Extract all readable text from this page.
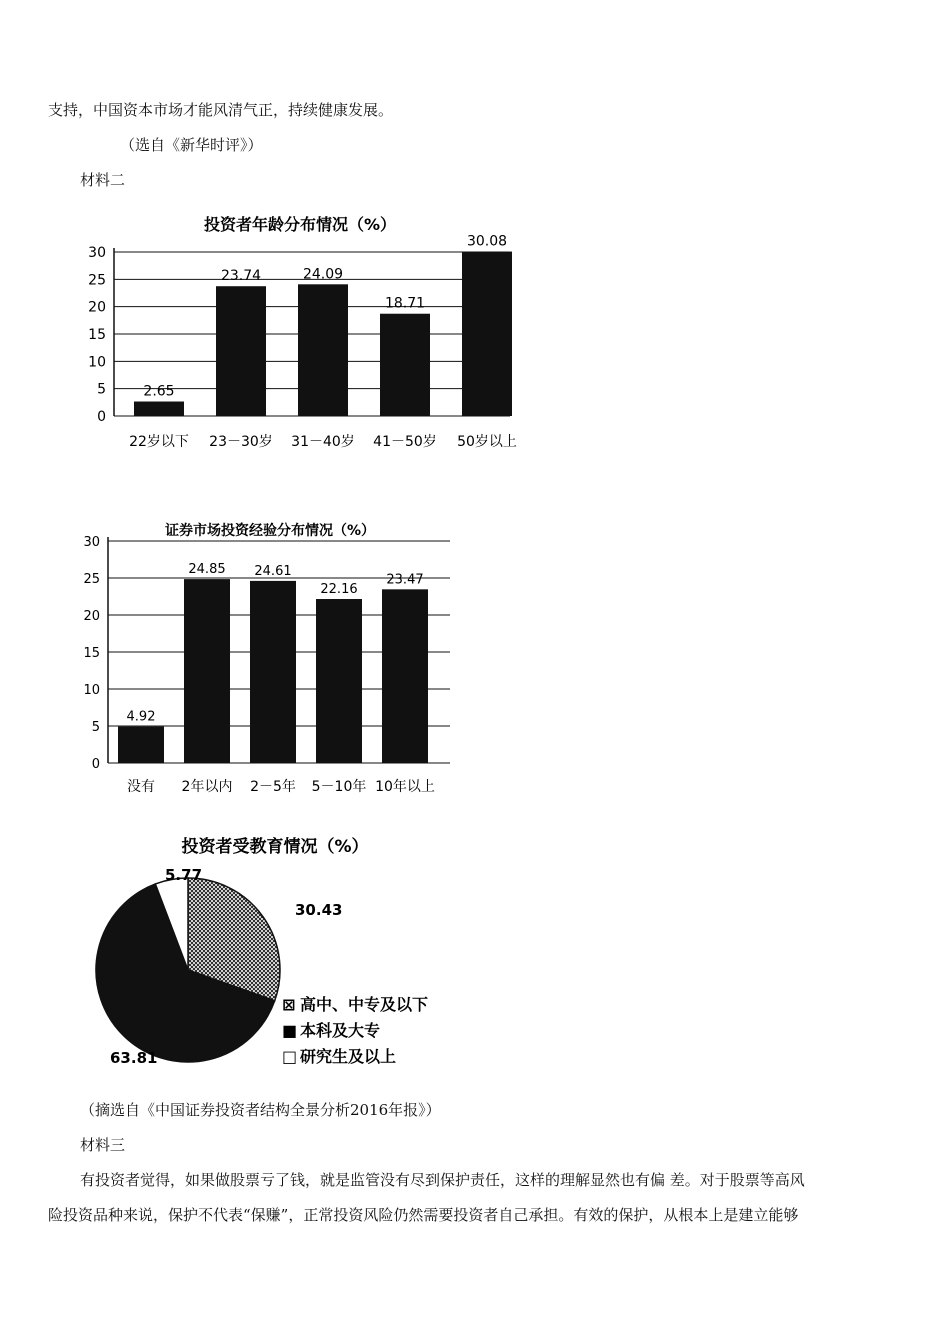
支持，中国资本市场才能风清气正，持续健康发展。
（选自《新华时评》）
材料二
投资者年龄分布情况（%）
0
5
10
15
20
25
30
2.65
22岁以下
23.74
23－30岁
24.09
31－40岁
18.71
41－50岁
30.08
50岁以上
证券市场投资经验分布情况（%）
0
5
10
15
20
25
30
4.92
没有
24.85
2年以内
24.61
2－5年
22.16
5－10年
23.47
10年以上
投资者受教育情况（%）
30.43
63.81
5.77
⊠ 高中、中专及以下
■ 本科及大专
□ 研究生及以上
（摘选自《中国证券投资者结构全景分析2016年报》）
材料三
有投资者觉得，如果做股票亏了钱，就是监管没有尽到保护责任，这样的理解显然也有偏 差。对于股票等高风
险投资品种来说，保护不代表“保赚”，正常投资风险仍然需要投资者自己承担。有效的保护，从根本上是建立能够
